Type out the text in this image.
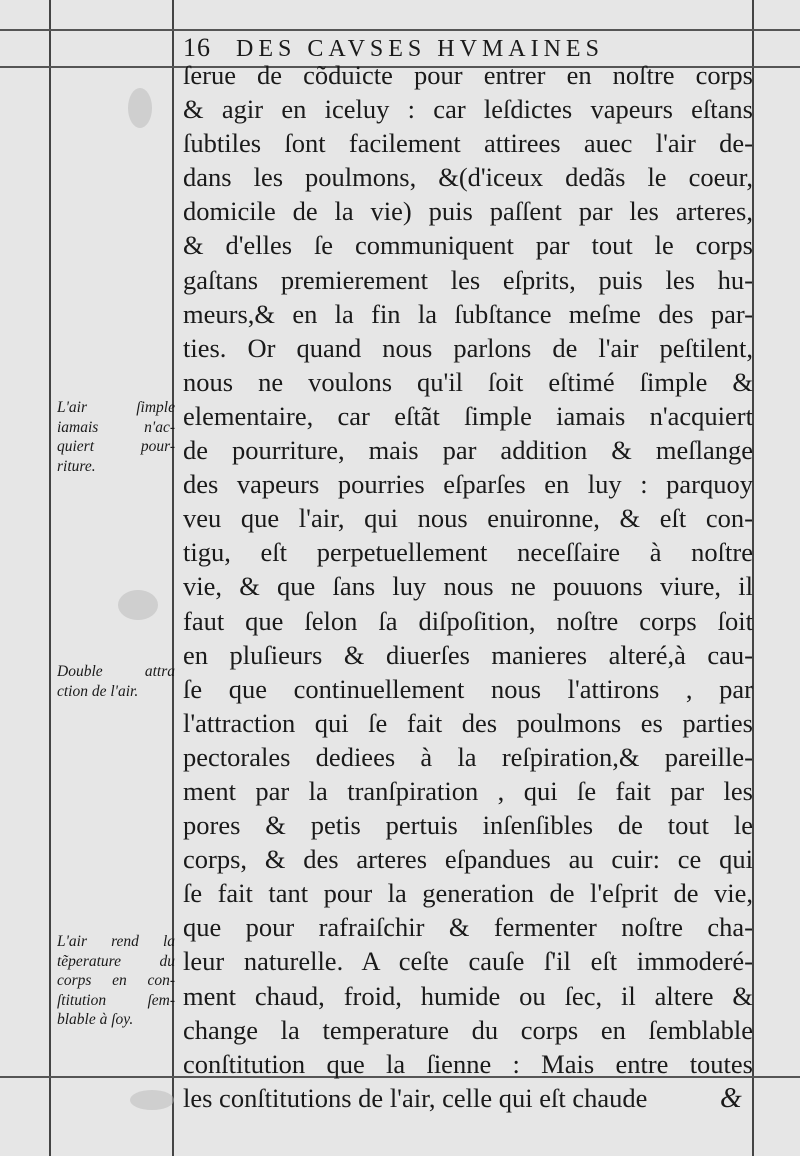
16 DES CAVSES HVMAINES
ſerue de cõduicte pour entrer en noſtre corps
& agir en iceluy : car leſdictes vapeurs eſtans
ſubtiles ſont facilement attirees auec l'air de-
dans les poulmons, &(d'iceux dedãs le coeur,
domicile de la vie) puis paſſent par les arteres,
& d'elles ſe communiquent par tout le corps
gaſtans premierement les eſprits, puis les hu-
meurs,& en la fin la ſubſtance meſme des par-
ties. Or quand nous parlons de l'air peſtilent,
nous ne voulons qu'il ſoit eſtimé ſimple &
elementaire, car eſtãt ſimple iamais n'acquiert
de pourriture, mais par addition & meſlange
des vapeurs pourries eſparſes en luy : parquoy
veu que l'air, qui nous enuironne, & eſt con-
tigu, eſt perpetuellement neceſſaire à noſtre
vie, & que ſans luy nous ne pouuons viure, il
faut que ſelon ſa diſpoſition, noſtre corps ſoit
en pluſieurs & diuerſes manieres alteré,à cau-
ſe que continuellement nous l'attirons , par
l'attraction qui ſe fait des poulmons es parties
pectorales dediees à la reſpiration,& pareille-
ment par la tranſpiration , qui ſe fait par les
pores & petis pertuis inſenſibles de tout le
corps, & des arteres eſpandues au cuir: ce qui
ſe fait tant pour la generation de l'eſprit de vie,
que pour rafraiſchir & fermenter noſtre cha-
leur naturelle. A ceſte cauſe ſ'il eſt immoderé-
ment chaud, froid, humide ou ſec, il altere &
change la temperature du corps en ſemblable
conſtitution que la ſienne : Mais entre toutes
les conſtitutions de l'air, celle qui eſt chaude
L'air ſimple
iamais n'ac-
quiert pour-
riture.
Double attra
ction de l'air.
L'air rend la
tẽperature du
corps en con-
ſtitution ſem-
blable à ſoy.
&
